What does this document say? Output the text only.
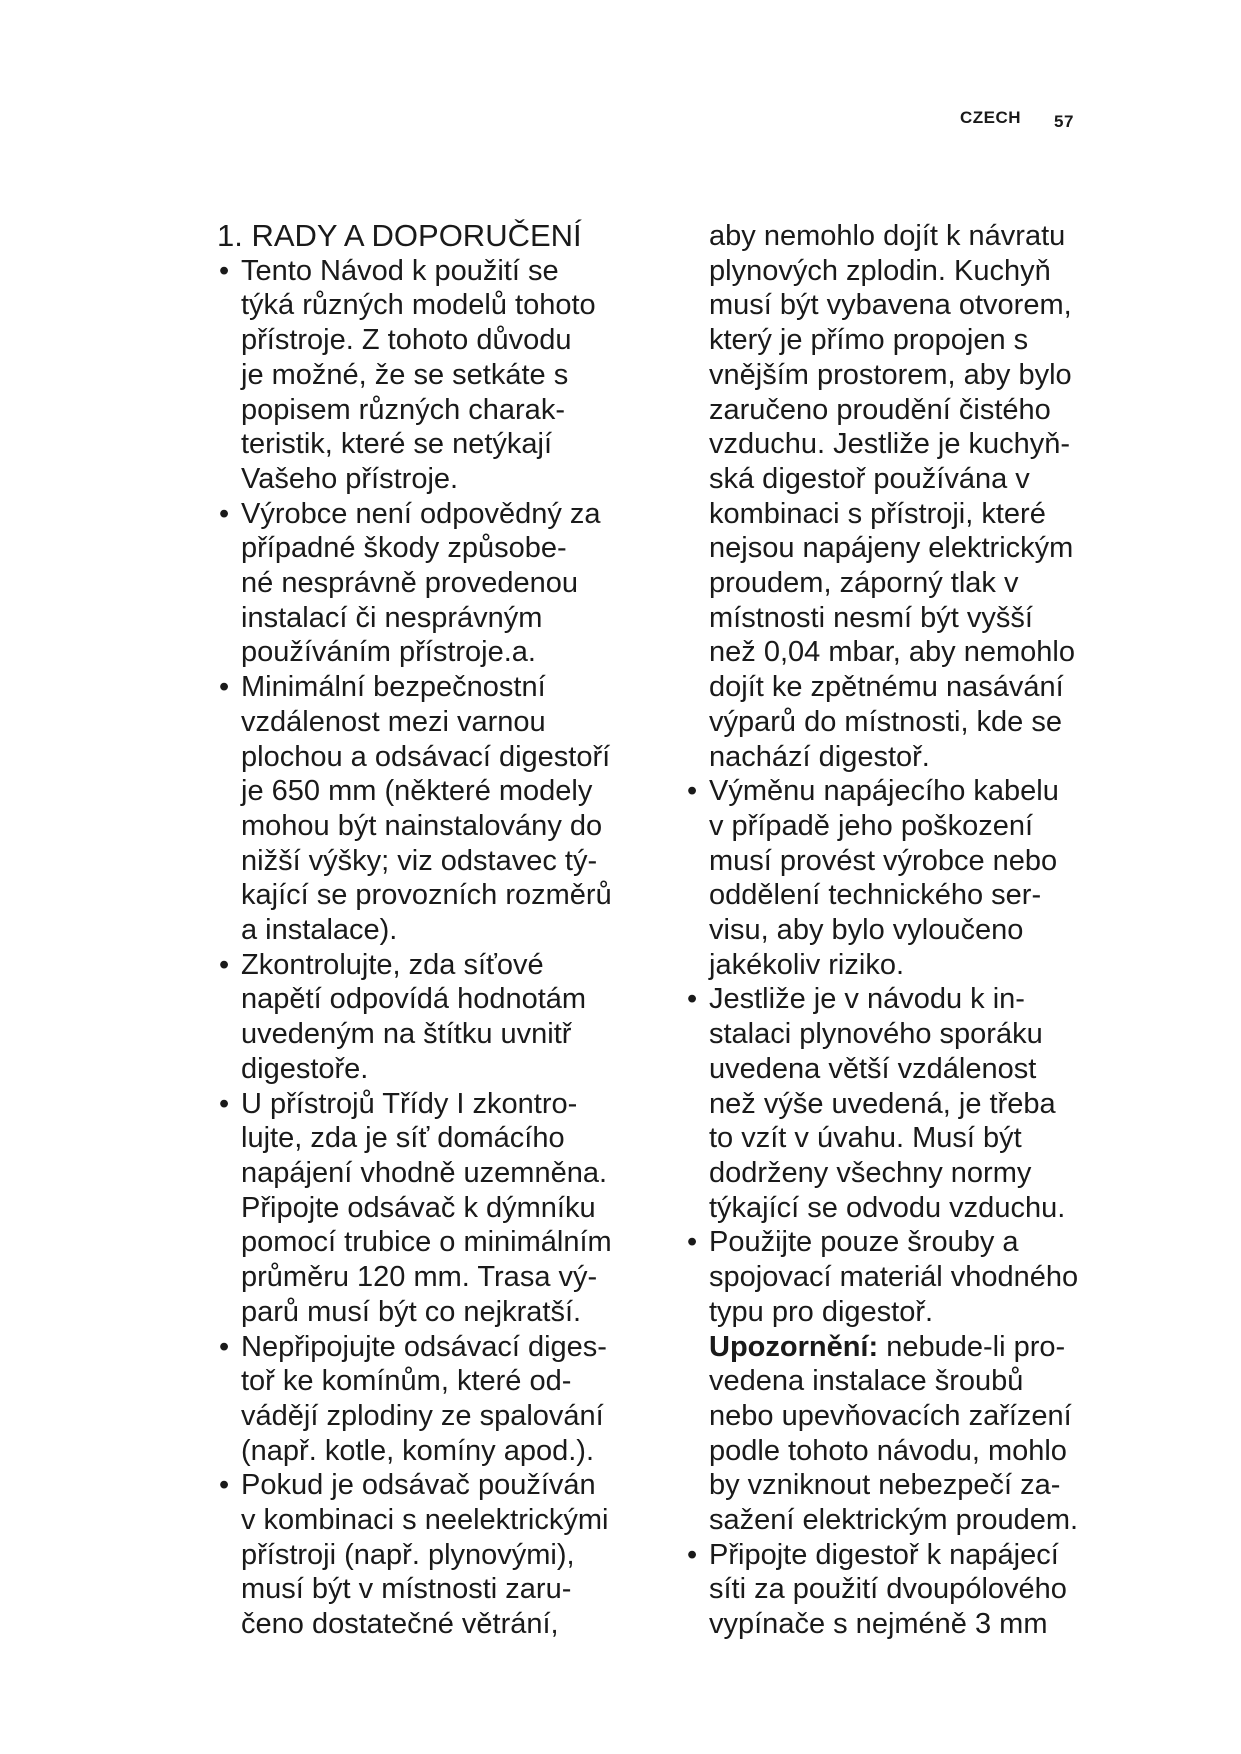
CZECH 57
1. RADY A DOPORUČENÍ
• Tento Návod k použití se
týká různých modelů tohoto
přístroje. Z tohoto důvodu
je možné, že se setkáte s
popisem různých charak-
teristik, které se netýkají
Vašeho přístroje.
• Výrobce není odpovědný za
případné škody způsobe-
né nesprávně provedenou
instalací či nesprávným
používáním přístroje.a.
• Minimální bezpečnostní
vzdálenost mezi varnou
plochou a odsávací digestoří
je 650 mm (některé modely
mohou být nainstalovány do
nižší výšky; viz odstavec tý-
kající se provozních rozměrů
a instalace).
• Zkontrolujte, zda síťové
napětí odpovídá hodnotám
uvedeným na štítku uvnitř
digestoře.
• U přístrojů Třídy I zkontro-
lujte, zda je síť domácího
napájení vhodně uzemněna.
Připojte odsávač k dýmníku
pomocí trubice o minimálním
průměru 120 mm. Trasa vý-
parů musí být co nejkratší.
• Nepřipojujte odsávací diges-
toř ke komínům, které od-
vádějí zplodiny ze spalování
(např. kotle, komíny apod.).
• Pokud je odsávač používán
v kombinaci s neelektrickými
přístroji (např. plynovými),
musí být v místnosti zaru-
čeno dostatečné větrání,
aby nemohlo dojít k návratu
plynových zplodin. Kuchyň
musí být vybavena otvorem,
který je přímo propojen s
vnějším prostorem, aby bylo
zaručeno proudění čistého
vzduchu. Jestliže je kuchyň-
ská digestoř používána v
kombinaci s přístroji, které
nejsou napájeny elektrickým
proudem, záporný tlak v
místnosti nesmí být vyšší
než 0,04 mbar, aby nemohlo
dojít ke zpětnému nasávání
výparů do místnosti, kde se
nachází digestoř.
• Výměnu napájecího kabelu
v případě jeho poškození
musí provést výrobce nebo
oddělení technického ser-
visu, aby bylo vyloučeno
jakékoliv riziko.
• Jestliže je v návodu k in-
stalaci plynového sporáku
uvedena větší vzdálenost
než výše uvedená, je třeba
to vzít v úvahu. Musí být
dodrženy všechny normy
týkající se odvodu vzduchu.
• Použijte pouze šrouby a
spojovací materiál vhodného
typu pro digestoř.
Upozornění: nebude-li pro-
vedena instalace šroubů
nebo upevňovacích zařízení
podle tohoto návodu, mohlo
by vzniknout nebezpečí za-
sažení elektrickým proudem.
• Připojte digestoř k napájecí
síti za použití dvoupólového
vypínače s nejméně 3 mm
